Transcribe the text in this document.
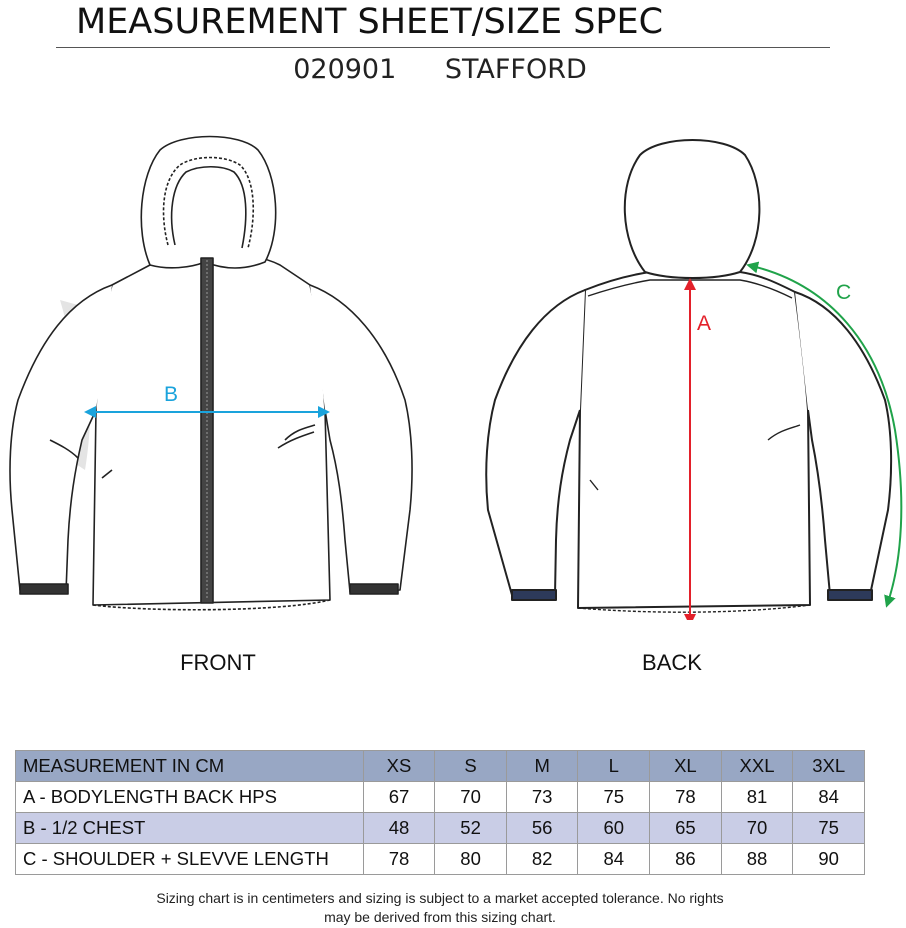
MEASUREMENT SHEET/SIZE SPEC
020901 STAFFORD
A
B
C
FRONT	BACK
MEASUREMENT IN CM	XS	S	M	L	XL	XXL	3XL
A - BODYLENGTH BACK HPS	67	70	73	75	78	81	84
B - 1/2 CHEST	48	52	56	60	65	70	75
C - SHOULDER + SLEVVE LENGTH	78	80	82	84	86	88	90
Sizing chart is in centimeters and sizing is subject to a market accepted tolerance. No rights
may be derived from this sizing chart.
